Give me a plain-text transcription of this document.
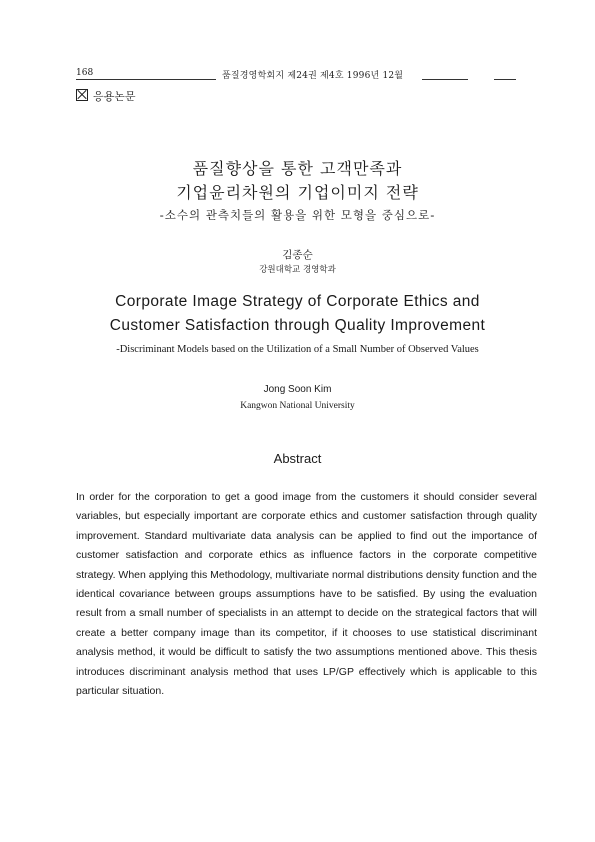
168	품질경영학회지 제24권 제4호 1996년 12월
응용논문
품질향상을 통한 고객만족과
기업윤리차원의 기업이미지 전략
-소수의 관측치들의 활용을 위한 모형을 중심으로-
김종순
강원대학교 경영학과
Corporate Image Strategy of Corporate Ethics and
Customer Satisfaction through Quality Improvement
-Discriminant Models based on the Utilization of a Small Number of Observed Values
Jong Soon Kim
Kangwon National University
Abstract
In order for the corporation to get a good image from the customers it should consider several variables, but especially important are corporate ethics and customer satisfaction through quality improvement. Standard multivariate data analysis can be applied to find out the importance of customer satisfaction and corporate ethics as influence factors in the corporate competitive strategy. When applying this Methodology, multivariate normal distributions density function and the identical covariance between groups assumptions have to be satisfied. By using the evaluation result from a small number of specialists in an attempt to decide on the strategical factors that will create a better company image than its competitor, if it chooses to use statistical discriminant analysis method, it would be difficult to satisfy the two assumptions mentioned above. This thesis introduces discriminant analysis method that uses LP/GP effectively which is applicable to this particular situation.
